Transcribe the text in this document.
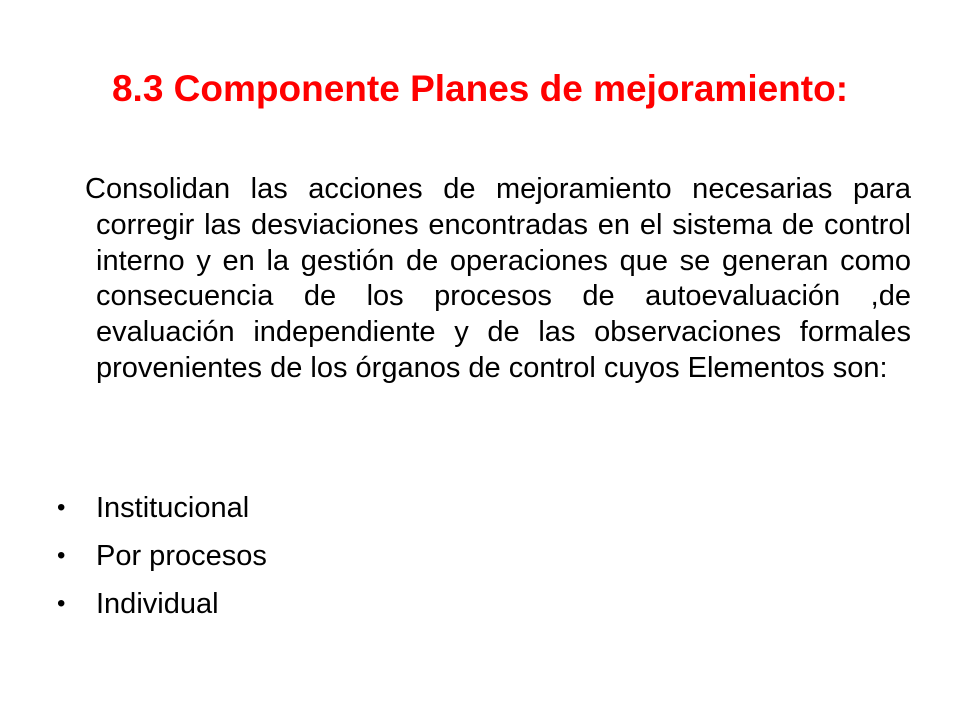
8.3 Componente Planes de mejoramiento:

Consolidan las acciones de mejoramiento necesarias para corregir las desviaciones encontradas en el sistema de control interno y en la gestión de operaciones que se generan como consecuencia de los procesos de autoevaluación ,de evaluación independiente y de las observaciones formales provenientes de los órganos de control cuyos Elementos son:

•	Institucional
•	Por procesos
•	Individual
